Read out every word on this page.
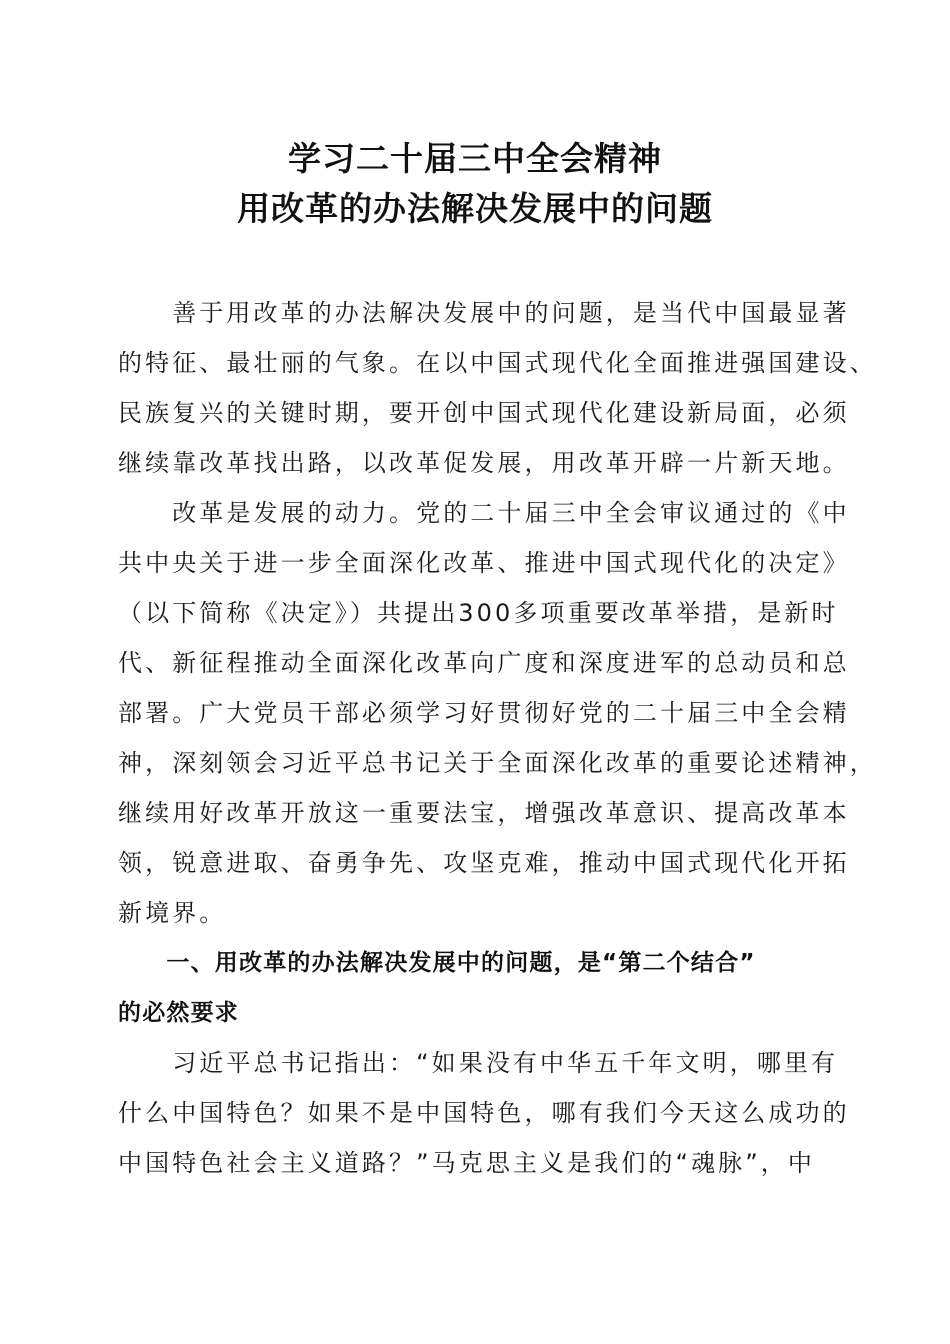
学习二十届三中全会精神
用改革的办法解决发展中的问题
　　善于用改革的办法解决发展中的问题，是当代中国最显著
的特征、最壮丽的气象。在以中国式现代化全面推进强国建设、
民族复兴的关键时期，要开创中国式现代化建设新局面，必须
继续靠改革找出路，以改革促发展，用改革开辟一片新天地。
　　改革是发展的动力。党的二十届三中全会审议通过的《中
共中央关于进一步全面深化改革、推进中国式现代化的决定》
（以下简称《决定》）共提出300多项重要改革举措，是新时
代、新征程推动全面深化改革向广度和深度进军的总动员和总
部署。广大党员干部必须学习好贯彻好党的二十届三中全会精
神，深刻领会习近平总书记关于全面深化改革的重要论述精神，
继续用好改革开放这一重要法宝，增强改革意识、提高改革本
领，锐意进取、奋勇争先、攻坚克难，推动中国式现代化开拓
新境界。
　　一、用改革的办法解决发展中的问题，是“第二个结合”
的必然要求
　　习近平总书记指出：“如果没有中华五千年文明，哪里有
什么中国特色？如果不是中国特色，哪有我们今天这么成功的
中国特色社会主义道路？”马克思主义是我们的“魂脉”，中
